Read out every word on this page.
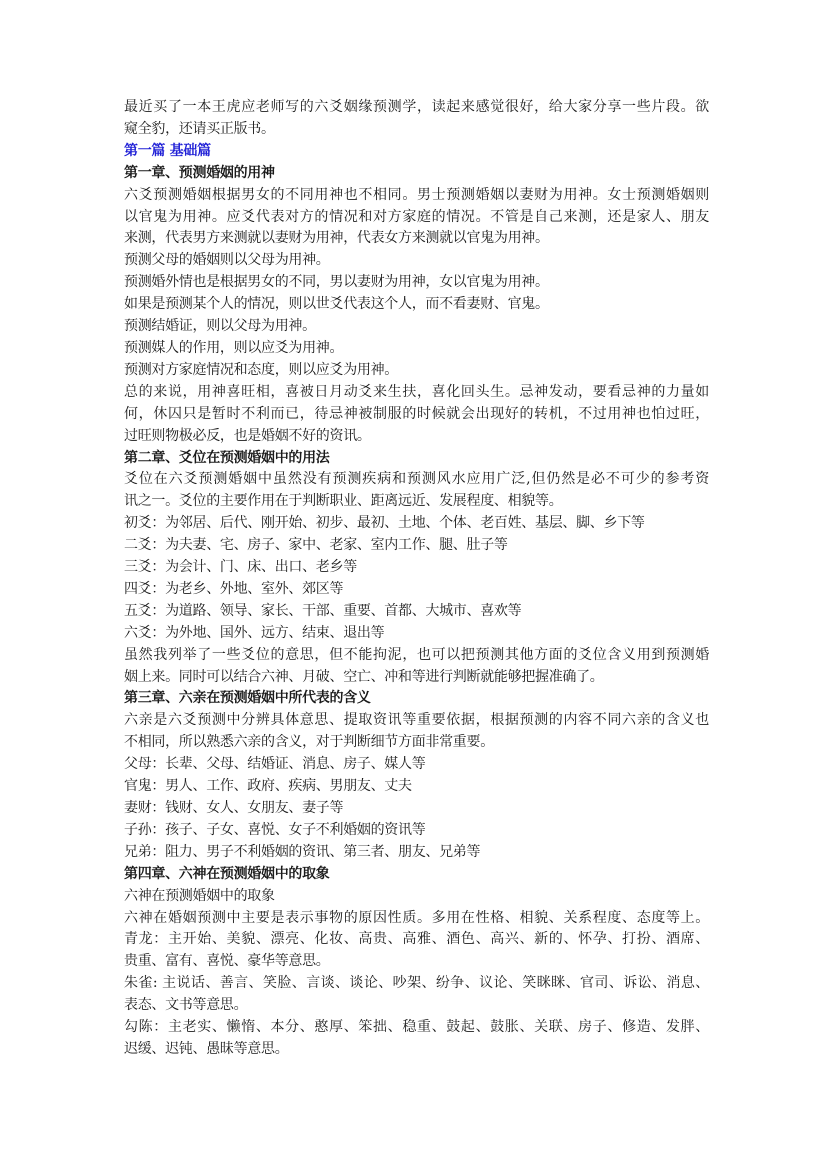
最近买了一本王虎应老师写的六爻姻缘预测学，读起来感觉很好，给大家分享一些片段。欲
窥全豹，还请买正版书。
第一篇 基础篇
第一章、预测婚姻的用神
六爻预测婚姻根据男女的不同用神也不相同。男士预测婚姻以妻财为用神。女士预测婚姻则
以官鬼为用神。应爻代表对方的情况和对方家庭的情况。不管是自己来测，还是家人、朋友
来测，代表男方来测就以妻财为用神，代表女方来测就以官鬼为用神。
预测父母的婚姻则以父母为用神。
预测婚外情也是根据男女的不同，男以妻财为用神，女以官鬼为用神。
如果是预测某个人的情况，则以世爻代表这个人，而不看妻财、官鬼。
预测结婚证，则以父母为用神。
预测媒人的作用，则以应爻为用神。
预测对方家庭情况和态度，则以应爻为用神。
总的来说，用神喜旺相，喜被日月动爻来生扶，喜化回头生。忌神发动，要看忌神的力量如
何，休囚只是暂时不利而已，待忌神被制服的时候就会出现好的转机，不过用神也怕过旺，
过旺则物极必反，也是婚姻不好的资讯。
第二章、爻位在预测婚姻中的用法
爻位在六爻预测婚姻中虽然没有预测疾病和预测风水应用广泛,但仍然是必不可少的参考资
讯之一。爻位的主要作用在于判断职业、距离远近、发展程度、相貌等。
初爻：为邻居、后代、刚开始、初步、最初、土地、个体、老百姓、基层、脚、乡下等
二爻：为夫妻、宅、房子、家中、老家、室内工作、腿、肚子等
三爻：为会计、门、床、出口、老乡等
四爻：为老乡、外地、室外、郊区等
五爻：为道路、领导、家长、干部、重要、首都、大城市、喜欢等
六爻：为外地、国外、远方、结束、退出等
虽然我列举了一些爻位的意思，但不能拘泥，也可以把预测其他方面的爻位含义用到预测婚
姻上来。同时可以结合六神、月破、空亡、冲和等进行判断就能够把握准确了。
第三章、六亲在预测婚姻中所代表的含义
六亲是六爻预测中分辨具体意思、提取资讯等重要依据，根据预测的内容不同六亲的含义也
不相同，所以熟悉六亲的含义，对于判断细节方面非常重要。
父母：长辈、父母、结婚证、消息、房子、媒人等
官鬼：男人、工作、政府、疾病、男朋友、丈夫
妻财：钱财、女人、女朋友、妻子等
子孙：孩子、子女、喜悦、女子不利婚姻的资讯等
兄弟：阻力、男子不利婚姻的资讯、第三者、朋友、兄弟等
第四章、六神在预测婚姻中的取象
六神在预测婚姻中的取象
六神在婚姻预测中主要是表示事物的原因性质。多用在性格、相貌、关系程度、态度等上。
青龙：主开始、美貌、漂亮、化妆、高贵、高雅、酒色、高兴、新的、怀孕、打扮、酒席、
贵重、富有、喜悦、豪华等意思。
朱雀: 主说话、善言、笑脸、言谈、谈论、吵架、纷争、议论、笑眯眯、官司、诉讼、消息、
表态、文书等意思。
勾陈：主老实、懒惰、本分、憨厚、笨拙、稳重、鼓起、鼓胀、关联、房子、修造、发胖、
迟缓、迟钝、愚昧等意思。
